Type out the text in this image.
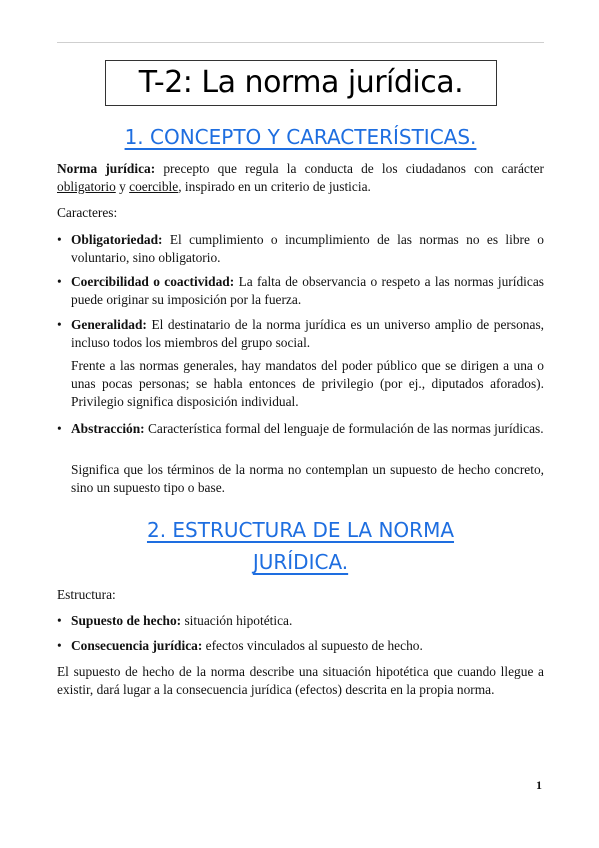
T-2: La norma jurídica.
1. CONCEPTO Y CARACTERÍSTICAS.

Norma jurídica: precepto que regula la conducta de los ciudadanos con carácter obligatorio y coercible, inspirado en un criterio de justicia.

Caracteres:

• Obligatoriedad: El cumplimiento o incumplimiento de las normas no es libre o voluntario, sino obligatorio.
• Coercibilidad o coactividad: La falta de observancia o respeto a las normas jurídicas puede originar su imposición por la fuerza.
• Generalidad: El destinatario de la norma jurídica es un universo amplio de personas, incluso todos los miembros del grupo social.

Frente a las normas generales, hay mandatos del poder público que se dirigen a una o unas pocas personas; se habla entonces de privilegio (por ej., diputados aforados). Privilegio significa disposición individual.

• Abstracción: Característica formal del lenguaje de formulación de las normas jurídicas.

Significa que los términos de la norma no contemplan un supuesto de hecho concreto, sino un supuesto tipo o base.

2. ESTRUCTURA DE LA NORMA
JURÍDICA.

Estructura:

• Supuesto de hecho: situación hipotética.
• Consecuencia jurídica: efectos vinculados al supuesto de hecho.

El supuesto de hecho de la norma describe una situación hipotética que cuando llegue a existir, dará lugar a la consecuencia jurídica (efectos) descrita en la propia norma.

1
